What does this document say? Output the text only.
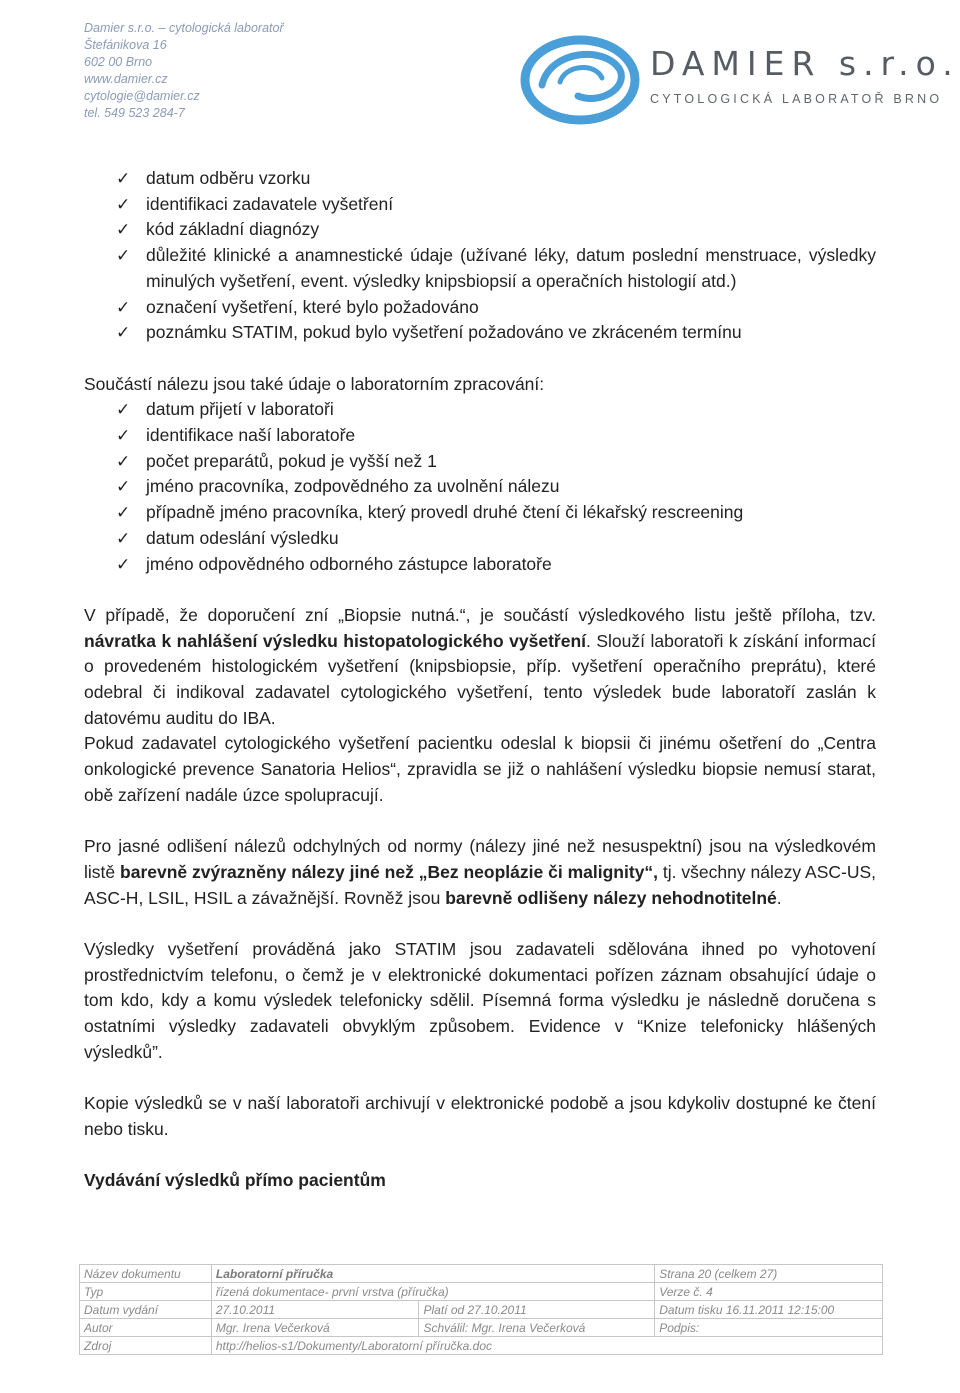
Damier s.r.o. – cytologická laboratoř
Štefánikova 16
602 00 Brno
www.damier.cz
cytologie@damier.cz
tel. 549 523 284-7
DAMIER s.r.o.
CYTOLOGICKÁ LABORATOŘ BRNO
✓ datum odběru vzorku
✓ identifikaci zadavatele vyšetření
✓ kód základní diagnózy
✓ důležité klinické a anamnestické údaje (užívané léky, datum poslední menstruace, výsledky minulých vyšetření, event. výsledky knipsbiopsií a operačních histologií atd.)
✓ označení vyšetření, které bylo požadováno
✓ poznámku STATIM, pokud bylo vyšetření požadováno ve zkráceném termínu

Součástí nálezu jsou také údaje o laboratorním zpracování:

✓ datum přijetí v laboratoři
✓ identifikace naší laboratoře
✓ počet preparátů, pokud je vyšší než 1
✓ jméno pracovníka, zodpovědného za uvolnění nálezu
✓ případně jméno pracovníka, který provedl druhé čtení či lékařský rescreening
✓ datum odeslání výsledku
✓ jméno odpovědného odborného zástupce laboratoře

V případě, že doporučení zní „Biopsie nutná.“, je součástí výsledkového listu ještě příloha, tzv. návratka k nahlášení výsledku histopatologického vyšetření. Slouží laboratoři k získání informací o provedeném histologickém vyšetření (knipsbiopsie, příp. vyšetření operačního preprátu), které odebral či indikoval zadavatel cytologického vyšetření, tento výsledek bude laboratoří zaslán k datovému auditu do IBA.

Pokud zadavatel cytologického vyšetření pacientku odeslal k biopsii či jinému ošetření do „Centra onkologické prevence Sanatoria Helios“, zpravidla se již o nahlášení výsledku biopsie nemusí starat, obě zařízení nadále úzce spolupracují.

Pro jasné odlišení nálezů odchylných od normy (nálezy jiné než nesuspektní) jsou na výsledkovém listě barevně zvýrazněny nálezy jiné než „Bez neoplázie či malignity“, tj. všechny nálezy ASC-US, ASC-H, LSIL, HSIL a závažnější. Rovněž jsou barevně odlišeny nálezy nehodnotitelné.

Výsledky vyšetření prováděná jako STATIM jsou zadavateli sdělována ihned po vyhotovení prostřednictvím telefonu, o čemž je v elektronické dokumentaci pořízen záznam obsahující údaje o tom kdo, kdy a komu výsledek telefonicky sdělil. Písemná forma výsledku je následně doručena s ostatními výsledky zadavateli obvyklým způsobem. Evidence v “Knize telefonicky hlášených výsledků”.

Kopie výsledků se v naší laboratoři archivují v elektronické podobě a jsou kdykoliv dostupné ke čtení nebo tisku.

Vydávání výsledků přímo pacientům

Název dokumentu	Laboratorní příručka		Strana 20 (celkem 27)
Typ	řízená dokumentace- první vrstva (příručka)		Verze č. 4
Datum vydání	27.10.2011	Platí od 27.10.2011	Datum tisku 16.11.2011 12:15:00
Autor	Mgr. Irena Večerková	Schválil: Mgr. Irena Večerková	Podpis:
Zdroj	http://helios-s1/Dokumenty/Laboratorní příručka.doc		
